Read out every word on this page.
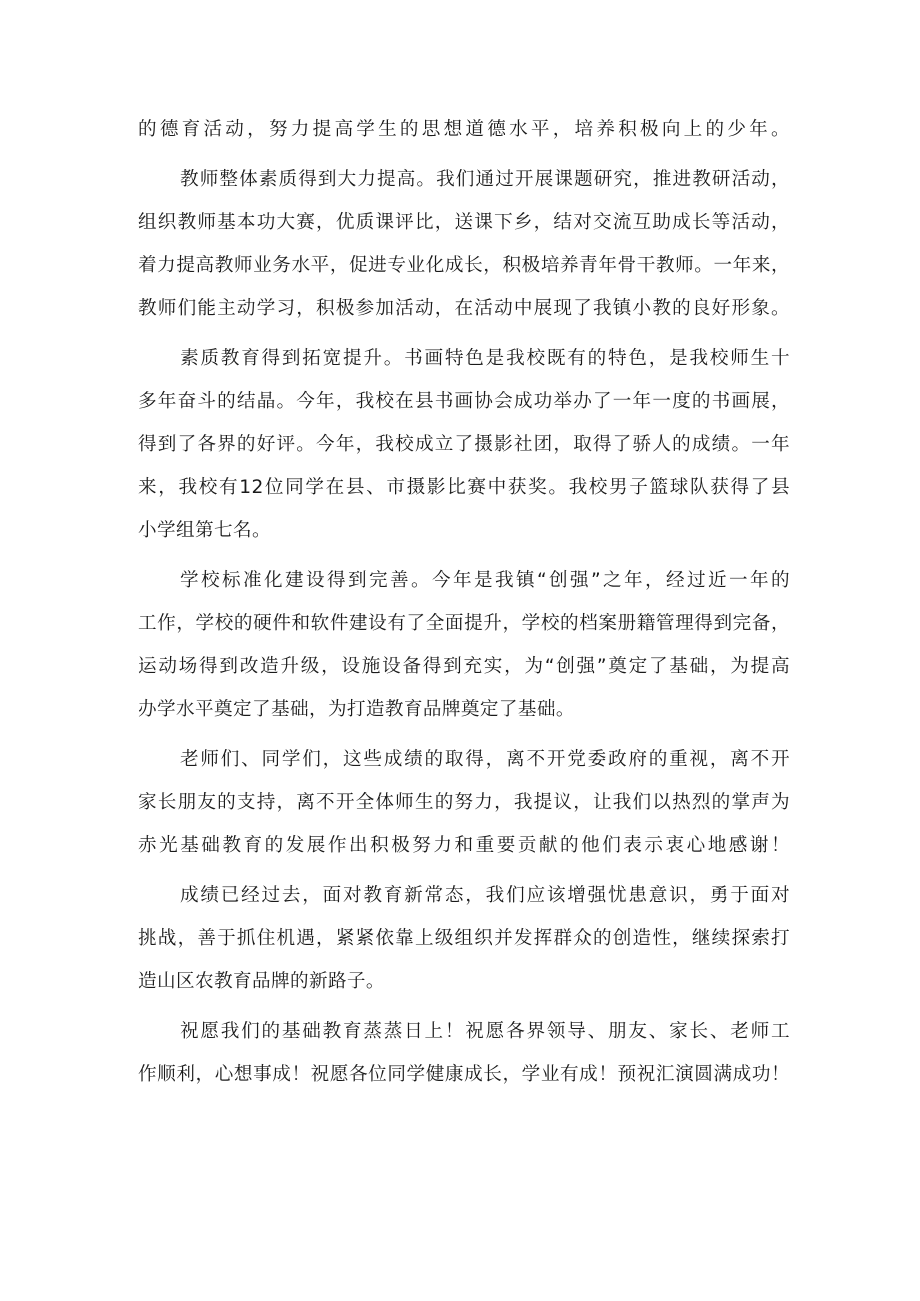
的德育活动，努力提高学生的思想道德水平，培养积极向上的少年。
教师整体素质得到大力提高。我们通过开展课题研究，推进教研活动，
组织教师基本功大赛，优质课评比，送课下乡，结对交流互助成长等活动，
着力提高教师业务水平，促进专业化成长，积极培养青年骨干教师。一年来，
教师们能主动学习，积极参加活动，在活动中展现了我镇小教的良好形象。
素质教育得到拓宽提升。书画特色是我校既有的特色，是我校师生十
多年奋斗的结晶。今年，我校在县书画协会成功举办了一年一度的书画展，
得到了各界的好评。今年，我校成立了摄影社团，取得了骄人的成绩。一年
来，我校有12位同学在县、市摄影比赛中获奖。我校男子篮球队获得了县
小学组第七名。
学校标准化建设得到完善。今年是我镇“创强”之年，经过近一年的
工作，学校的硬件和软件建设有了全面提升，学校的档案册籍管理得到完备，
运动场得到改造升级，设施设备得到充实，为“创强”奠定了基础，为提高
办学水平奠定了基础，为打造教育品牌奠定了基础。
老师们、同学们，这些成绩的取得，离不开党委政府的重视，离不开
家长朋友的支持，离不开全体师生的努力，我提议，让我们以热烈的掌声为
赤光基础教育的发展作出积极努力和重要贡献的他们表示衷心地感谢！
成绩已经过去，面对教育新常态，我们应该增强忧患意识，勇于面对
挑战，善于抓住机遇，紧紧依靠上级组织并发挥群众的创造性，继续探索打
造山区农教育品牌的新路子。
祝愿我们的基础教育蒸蒸日上！祝愿各界领导、朋友、家长、老师工
作顺利，心想事成！祝愿各位同学健康成长，学业有成！预祝汇演圆满成功！
